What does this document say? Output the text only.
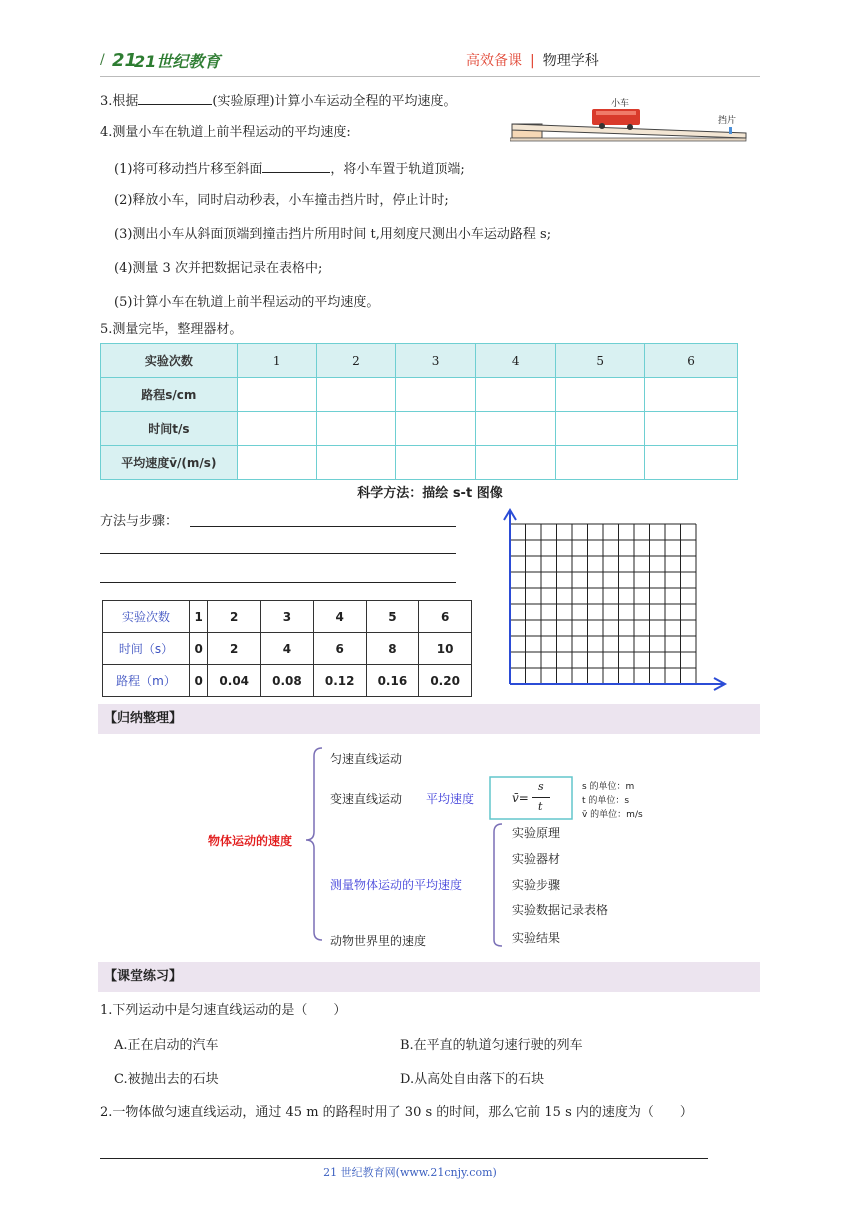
/ 21
21世纪教育	高效备课 | 物理学科
3.根据	(实验原理)计算小车运动全程的平均速度。
4.测量小车在轨道上前半程运动的平均速度:
(1)将可移动挡片移至斜面	，将小车置于轨道顶端;
(2)释放小车，同时启动秒表，小车撞击挡片时，停止计时;
(3)测出小车从斜面顶端到撞击挡片所用时间 t,用刻度尺测出小车运动路程 s;
(4)测量 3 次并把数据记录在表格中;
(5)计算小车在轨道上前半程运动的平均速度。
5.测量完毕，整理器材。
小车
挡片
实验次数	1	2	3	4	5	6
路程s/cm						
时间t/s						
平均速度v̄/(m/s)						
科学方法：描绘 s-t 图像
方法与步骤：
实验次数	1	2	3	4	5	6
时间（s）	0	2	4	6	8	10
路程（m）	0	0.04	0.08	0.12	0.16	0.20
【归纳整理】
物体运动的速度
匀速直线运动
变速直线运动 平均速度	v̄=
s
t
s 的单位：m
t 的单位：s
v̄ 的单位：m/s
测量物体运动的平均速度
实验原理
实验器材
实验步骤
实验数据记录表格
实验结果
动物世界里的速度
【课堂练习】
1.下列运动中是匀速直线运动的是（　　）
A.正在启动的汽车	B.在平直的轨道匀速行驶的列车
C.被抛出去的石块	D.从高处自由落下的石块
2.一物体做匀速直线运动，通过 45 m 的路程时用了 30 s 的时间，那么它前 15 s 内的速度为（　　）
21 世纪教育网(www.21cnjy.com)
